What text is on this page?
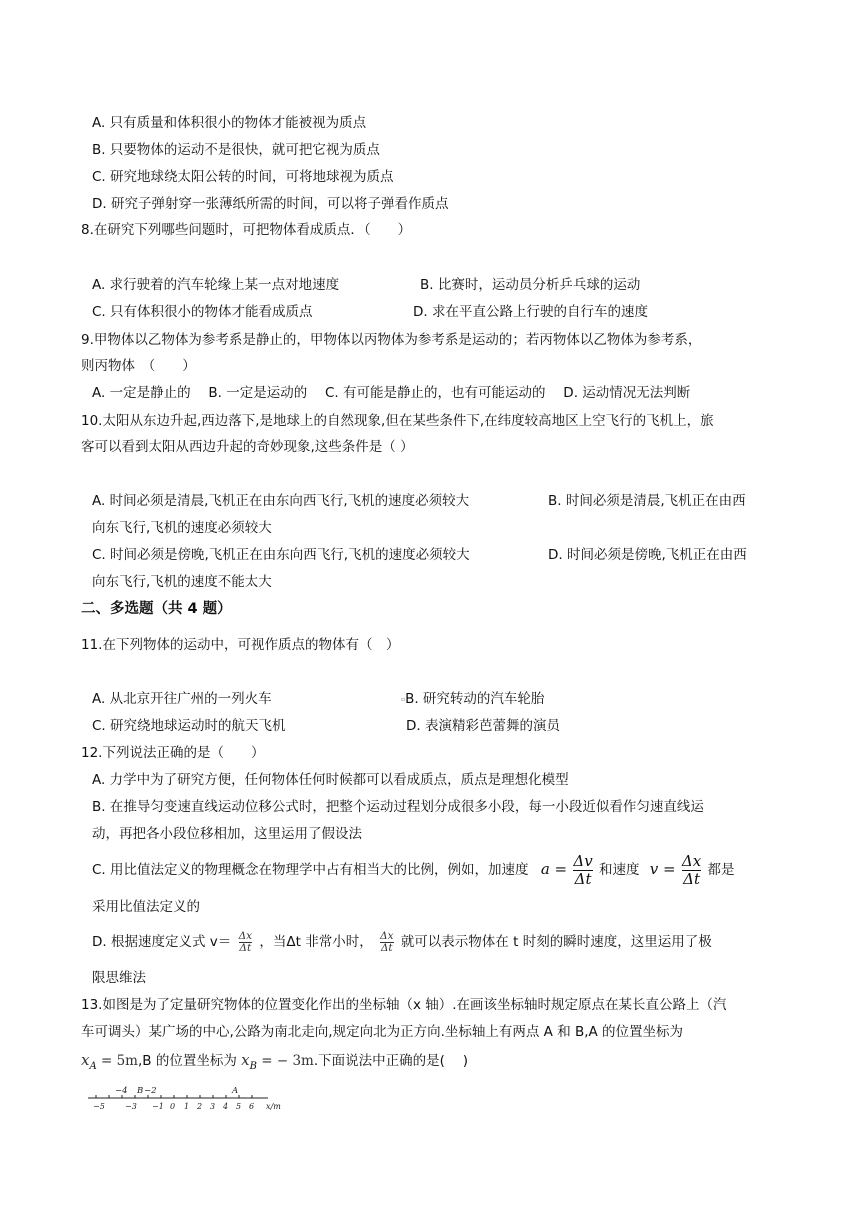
A. 只有质量和体积很小的物体才能被视为质点
B. 只要物体的运动不是很快，就可把它视为质点
C. 研究地球绕太阳公转的时间，可将地球视为质点
D. 研究子弹射穿一张薄纸所需的时间，可以将子弹看作质点
8.在研究下列哪些问题时，可把物体看成质点．（　　）
A. 求行驶着的汽车轮缘上某一点对地速度	B. 比赛时，运动员分析乒乓球的运动
C. 只有体积很小的物体才能看成质点	D. 求在平直公路上行驶的自行车的速度
9.甲物体以乙物体为参考系是静止的，甲物体以丙物体为参考系是运动的；若丙物体以乙物体为参考系，
则丙物体　（　　）
A. 一定是静止的　 B. 一定是运动的　 C. 有可能是静止的，也有可能运动的　 D. 运动情况无法判断
10.太阳从东边升起,西边落下,是地球上的自然现象,但在某些条件下,在纬度较高地区上空飞行的飞机上，旅
客可以看到太阳从西边升起的奇妙现象,这些条件是（ ）
A. 时间必须是清晨,飞机正在由东向西飞行,飞机的速度必须较大	B. 时间必须是清晨,飞机正在由西
向东飞行,飞机的速度必须较大
C. 时间必须是傍晚,飞机正在由东向西飞行,飞机的速度必须较大	D. 时间必须是傍晚,飞机正在由西
向东飞行,飞机的速度不能太大
二、多选题（共 4 题）
11.在下列物体的运动中，可视作质点的物体有（　）
A. 从北京开往广州的一列火车	▫B. 研究转动的汽车轮胎
C. 研究绕地球运动时的航天飞机	D. 表演精彩芭蕾舞的演员
12.下列说法正确的是（　　）
A. 力学中为了研究方便，任何物体任何时候都可以看成质点，质点是理想化模型
B. 在推导匀变速直线运动位移公式时，把整个运动过程划分成很多小段，每一小段近似看作匀速直线运
动，再把各小段位移相加，这里运用了假设法
C. 用比值法定义的物理概念在物理学中占有相当大的比例，例如，加速度 $a = \frac{\Delta v}{\Delta t}$ 和速度 $v = \frac{\Delta x}{\Delta t}$ 都是
采用比值法定义的
D. 根据速度定义式 $v= \frac{\Delta x}{\Delta t}$ ，当Δt 非常小时， $\frac{\Delta x}{\Delta t}$ 就可以表示物体在 t 时刻的瞬时速度，这里运用了极
限思维法
13.如图是为了定量研究物体的位置变化作出的坐标轴（x 轴）.在画该坐标轴时规定原点在某长直公路上（汽
车可调头）某广场的中心,公路为南北走向,规定向北为正方向.坐标轴上有两点 A 和 B,A 的位置坐标为
$x_A = 5m,B$ 的位置坐标为 $x_B$ = − 3m.下面说法中正确的是(　 )
−4 B −2	A
−5	−3 −1 0 1 2 3 4 5 6 x/m
